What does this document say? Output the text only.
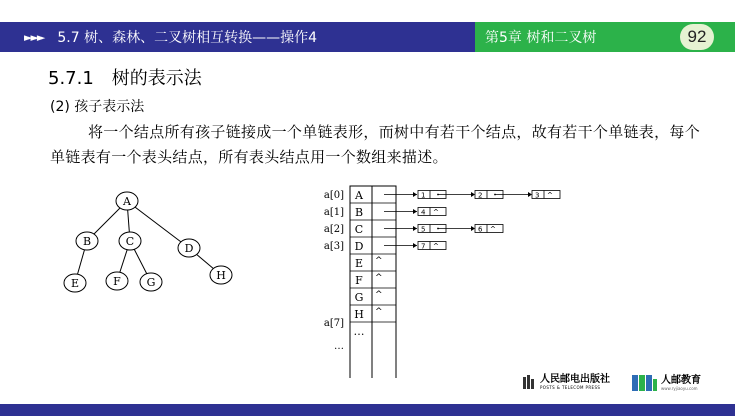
►►► 5.7 树、森林、二叉树相互转换——操作4	第5章 树和二叉树	92
5.7.1　树的表示法
(2) 孩子表示法
将一个结点所有孩子链接成一个单链表形，而树中有若干个结点，故有若干个单链表，每个单链表有一个表头结点，所有表头结点用一个数组来描述。
A
B	C
D
E	F G
H
a[0] A	1	2	3 ^
a[1] B	4 ^
a[2] C	5	6 ^
a[3] D	7 ^
E ^
F ^
G ^
H ^
a[7]
…
…
人民邮电出版社
POSTS & TELECOM PRESS
人邮教育
www.ryjiaoyu.com
